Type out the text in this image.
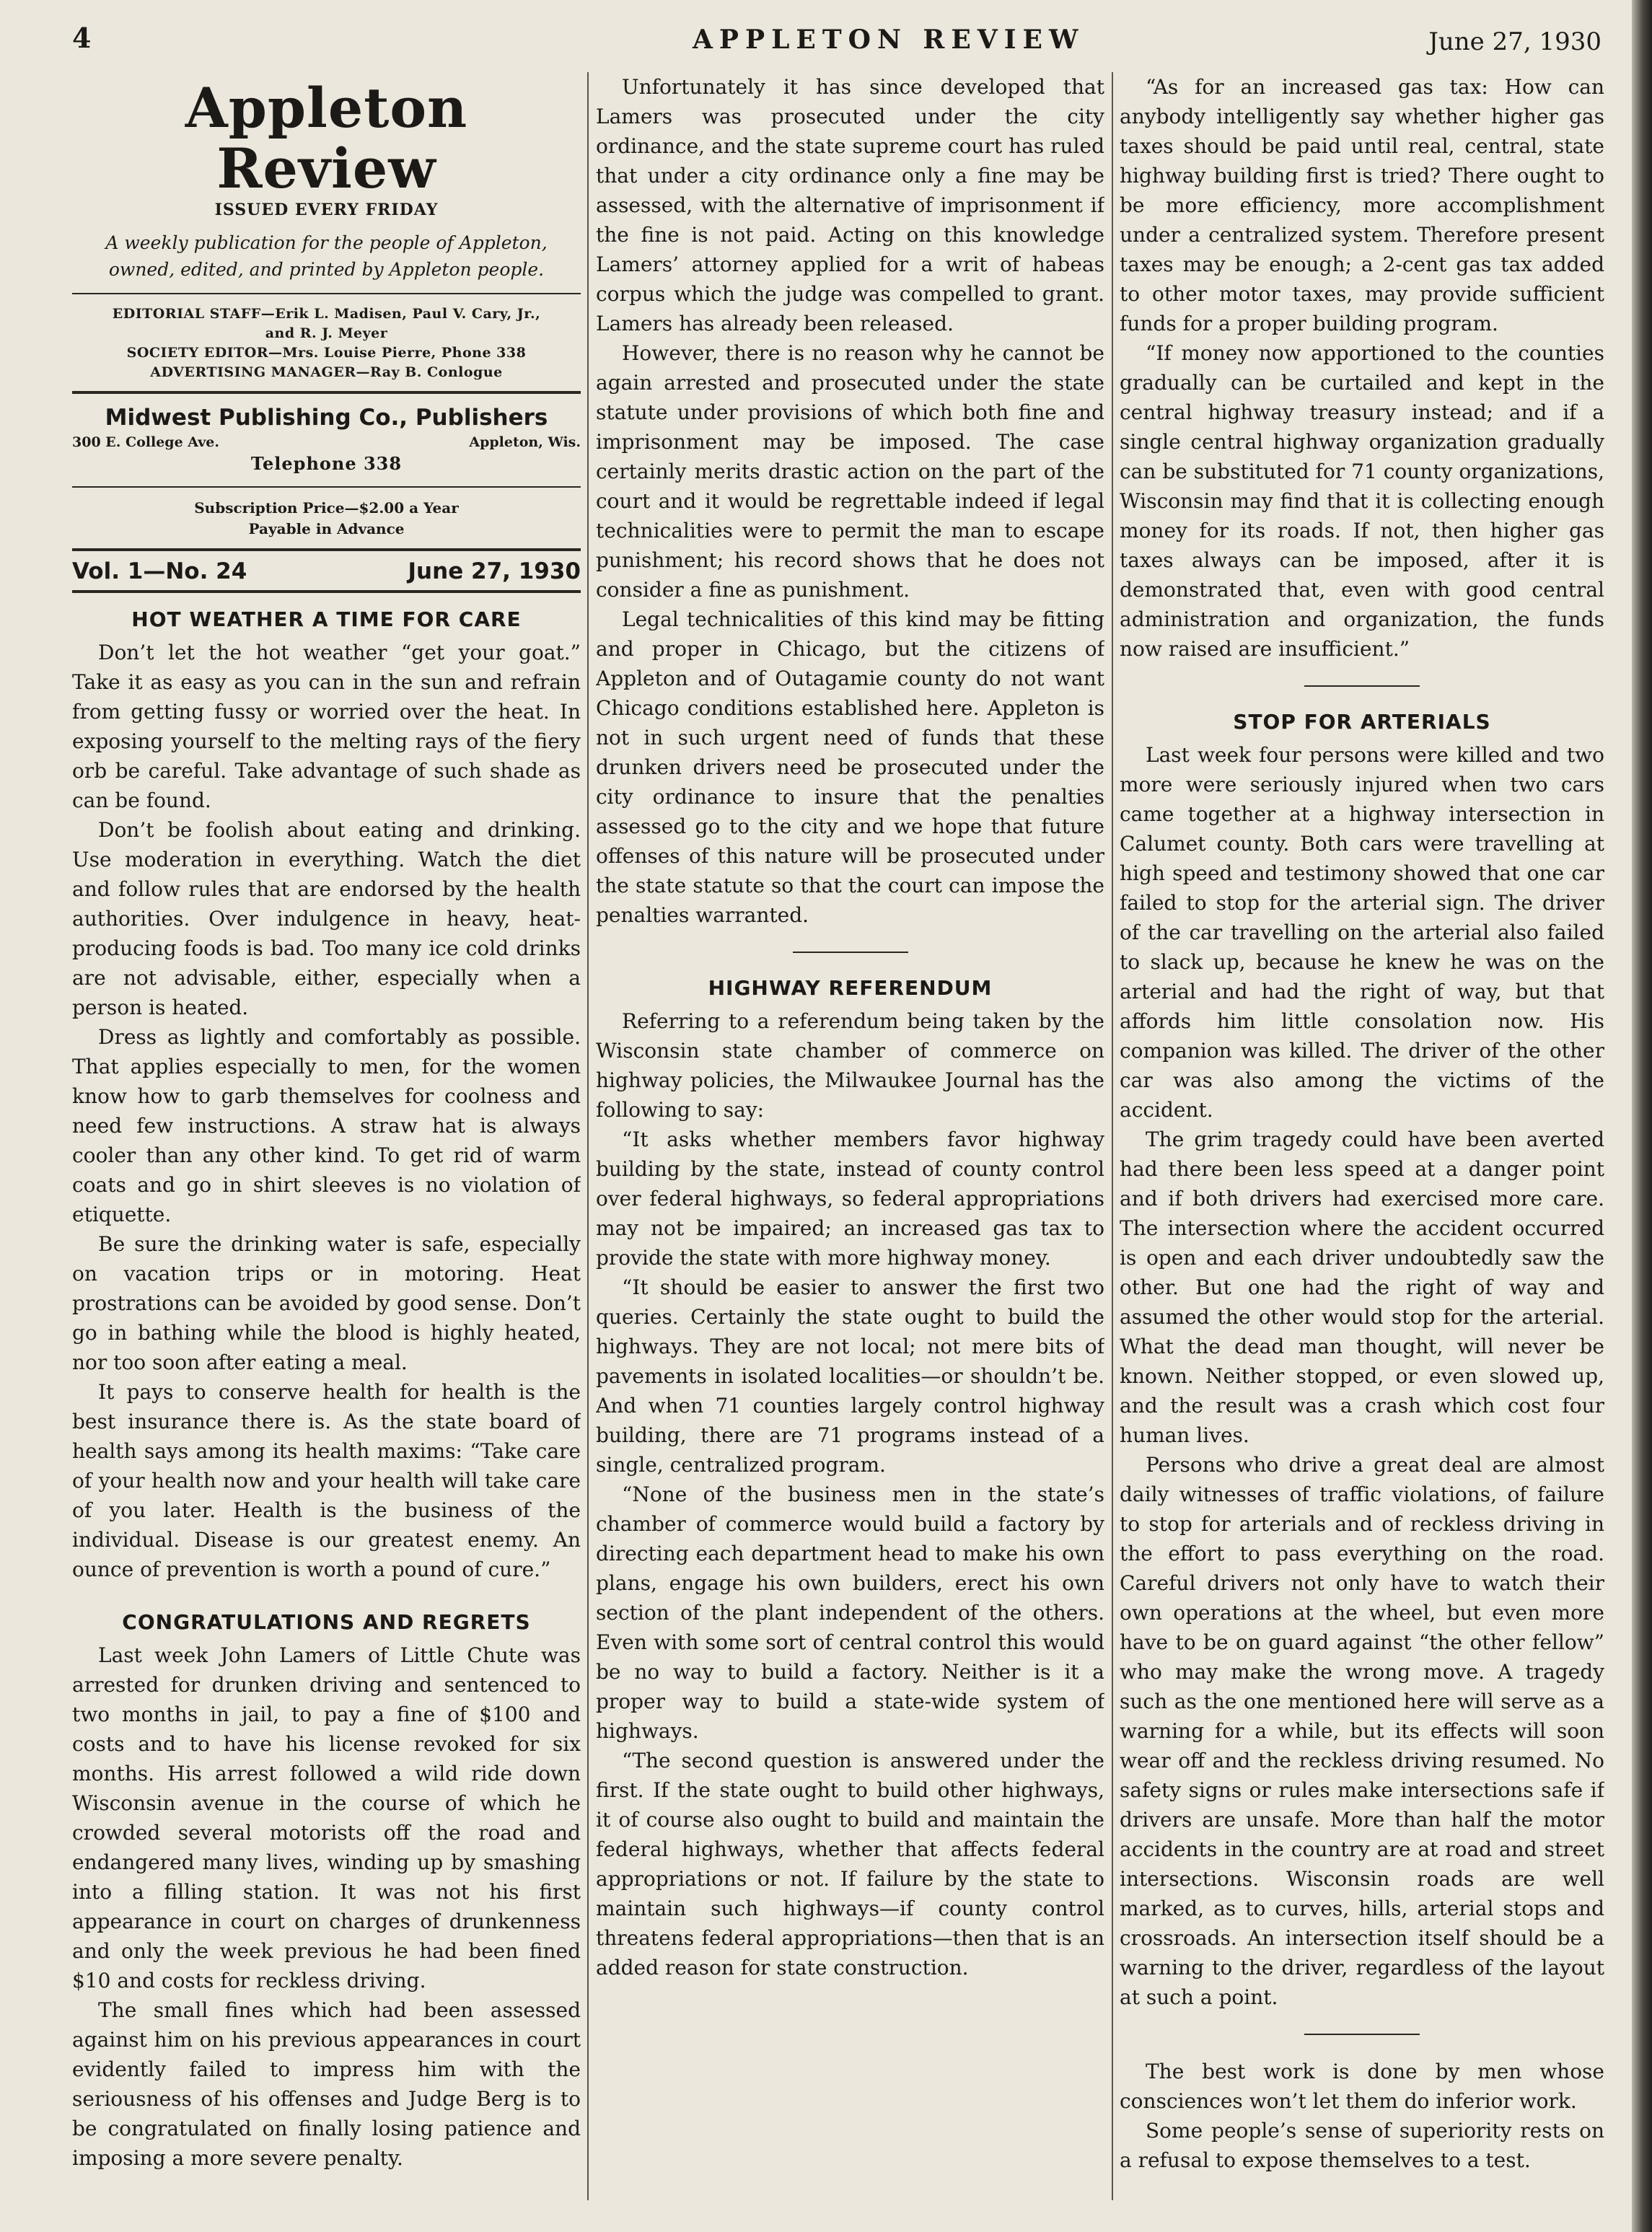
4	APPLETON REVIEW	June 27, 1930
Appleton Review
ISSUED EVERY FRIDAY
A weekly publication for the people of Appleton, owned, edited, and printed by Appleton people.
EDITORIAL STAFF—Erik L. Madisen, Paul V. Cary, Jr.,
and R. J. Meyer
SOCIETY EDITOR—Mrs. Louise Pierre, Phone 338
ADVERTISING MANAGER—Ray B. Conlogue
Midwest Publishing Co., Publishers
300 E. College Ave.	Appleton, Wis.
Telephone 338
Subscription Price—$2.00 a Year
Payable in Advance
Vol. 1—No. 24	June 27, 1930
HOT WEATHER A TIME FOR CARE

Don’t let the hot weather “get your goat.” Take it as easy as you can in the sun and refrain from getting fussy or worried over the heat. In exposing yourself to the melting rays of the fiery orb be careful. Take advantage of such shade as can be found.

Don’t be foolish about eating and drinking. Use moderation in everything. Watch the diet and follow rules that are endorsed by the health authorities. Over indulgence in heavy, heat-producing foods is bad. Too many ice cold drinks are not advisable, either, especially when a person is heated.

Dress as lightly and comfortably as possible. That applies especially to men, for the women know how to garb themselves for coolness and need few instructions. A straw hat is always cooler than any other kind. To get rid of warm coats and go in shirt sleeves is no violation of etiquette.

Be sure the drinking water is safe, especially on vacation trips or in motoring. Heat prostrations can be avoided by good sense. Don’t go in bathing while the blood is highly heated, nor too soon after eating a meal.

It pays to conserve health for health is the best insurance there is. As the state board of health says among its health maxims: “Take care of your health now and your health will take care of you later. Health is the business of the individual. Disease is our greatest enemy. An ounce of prevention is worth a pound of cure.”

CONGRATULATIONS AND REGRETS

Last week John Lamers of Little Chute was arrested for drunken driving and sentenced to two months in jail, to pay a fine of $100 and costs and to have his license revoked for six months. His arrest followed a wild ride down Wisconsin avenue in the course of which he crowded several motorists off the road and endangered many lives, winding up by smashing into a filling station. It was not his first appearance in court on charges of drunkenness and only the week previous he had been fined $10 and costs for reckless driving.

The small fines which had been assessed against him on his previous appearances in court evidently failed to impress him with the seriousness of his offenses and Judge Berg is to be congratulated on finally losing patience and imposing a more severe penalty.

Unfortunately it has since developed that Lamers was prosecuted under the city ordinance, and the state supreme court has ruled that under a city ordinance only a fine may be assessed, with the alternative of imprisonment if the fine is not paid. Acting on this knowledge Lamers’ attorney applied for a writ of habeas corpus which the judge was compelled to grant. Lamers has already been released.

However, there is no reason why he cannot be again arrested and prosecuted under the state statute under provisions of which both fine and imprisonment may be imposed. The case certainly merits drastic action on the part of the court and it would be regrettable indeed if legal technicalities were to permit the man to escape punishment; his record shows that he does not consider a fine as punishment.

Legal technicalities of this kind may be fitting and proper in Chicago, but the citizens of Appleton and of Outagamie county do not want Chicago conditions established here. Appleton is not in such urgent need of funds that these drunken drivers need be prosecuted under the city ordinance to insure that the penalties assessed go to the city and we hope that future offenses of this nature will be prosecuted under the state statute so that the court can impose the penalties warranted.

HIGHWAY REFERENDUM

Referring to a referendum being taken by the Wisconsin state chamber of commerce on highway policies, the Milwaukee Journal has the following to say:

“It asks whether members favor highway building by the state, instead of county control over federal highways, so federal appropriations may not be impaired; an increased gas tax to provide the state with more highway money.

“It should be easier to answer the first two queries. Certainly the state ought to build the highways. They are not local; not mere bits of pavements in isolated localities—or shouldn’t be. And when 71 counties largely control highway building, there are 71 programs instead of a single, centralized program.

“None of the business men in the state’s chamber of commerce would build a factory by directing each department head to make his own plans, engage his own builders, erect his own section of the plant independent of the others. Even with some sort of central control this would be no way to build a factory. Neither is it a proper way to build a state-wide system of highways.

“The second question is answered under the first. If the state ought to build other highways, it of course also ought to build and maintain the federal highways, whether that affects federal appropriations or not. If failure by the state to maintain such highways—if county control threatens federal appropriations—then that is an added reason for state construction.

“As for an increased gas tax: How can anybody intelligently say whether higher gas taxes should be paid until real, central, state highway building first is tried? There ought to be more efficiency, more accomplishment under a centralized system. Therefore present taxes may be enough; a 2-cent gas tax added to other motor taxes, may provide sufficient funds for a proper building program.

“If money now apportioned to the counties gradually can be curtailed and kept in the central highway treasury instead; and if a single central highway organization gradually can be substituted for 71 county organizations, Wisconsin may find that it is collecting enough money for its roads. If not, then higher gas taxes always can be imposed, after it is demonstrated that, even with good central administration and organization, the funds now raised are insufficient.”

STOP FOR ARTERIALS

Last week four persons were killed and two more were seriously injured when two cars came together at a highway intersection in Calumet county. Both cars were travelling at high speed and testimony showed that one car failed to stop for the arterial sign. The driver of the car travelling on the arterial also failed to slack up, because he knew he was on the arterial and had the right of way, but that affords him little consolation now. His companion was killed. The driver of the other car was also among the victims of the accident.

The grim tragedy could have been averted had there been less speed at a danger point and if both drivers had exercised more care. The intersection where the accident occurred is open and each driver undoubtedly saw the other. But one had the right of way and assumed the other would stop for the arterial. What the dead man thought, will never be known. Neither stopped, or even slowed up, and the result was a crash which cost four human lives.

Persons who drive a great deal are almost daily witnesses of traffic violations, of failure to stop for arterials and of reckless driving in the effort to pass everything on the road. Careful drivers not only have to watch their own operations at the wheel, but even more have to be on guard against “the other fellow” who may make the wrong move. A tragedy such as the one mentioned here will serve as a warning for a while, but its effects will soon wear off and the reckless driving resumed. No safety signs or rules make intersections safe if drivers are unsafe. More than half the motor accidents in the country are at road and street intersections. Wisconsin roads are well marked, as to curves, hills, arterial stops and crossroads. An intersection itself should be a warning to the driver, regardless of the layout at such a point.

The best work is done by men whose consciences won’t let them do inferior work.

Some people’s sense of superiority rests on a refusal to expose themselves to a test.
